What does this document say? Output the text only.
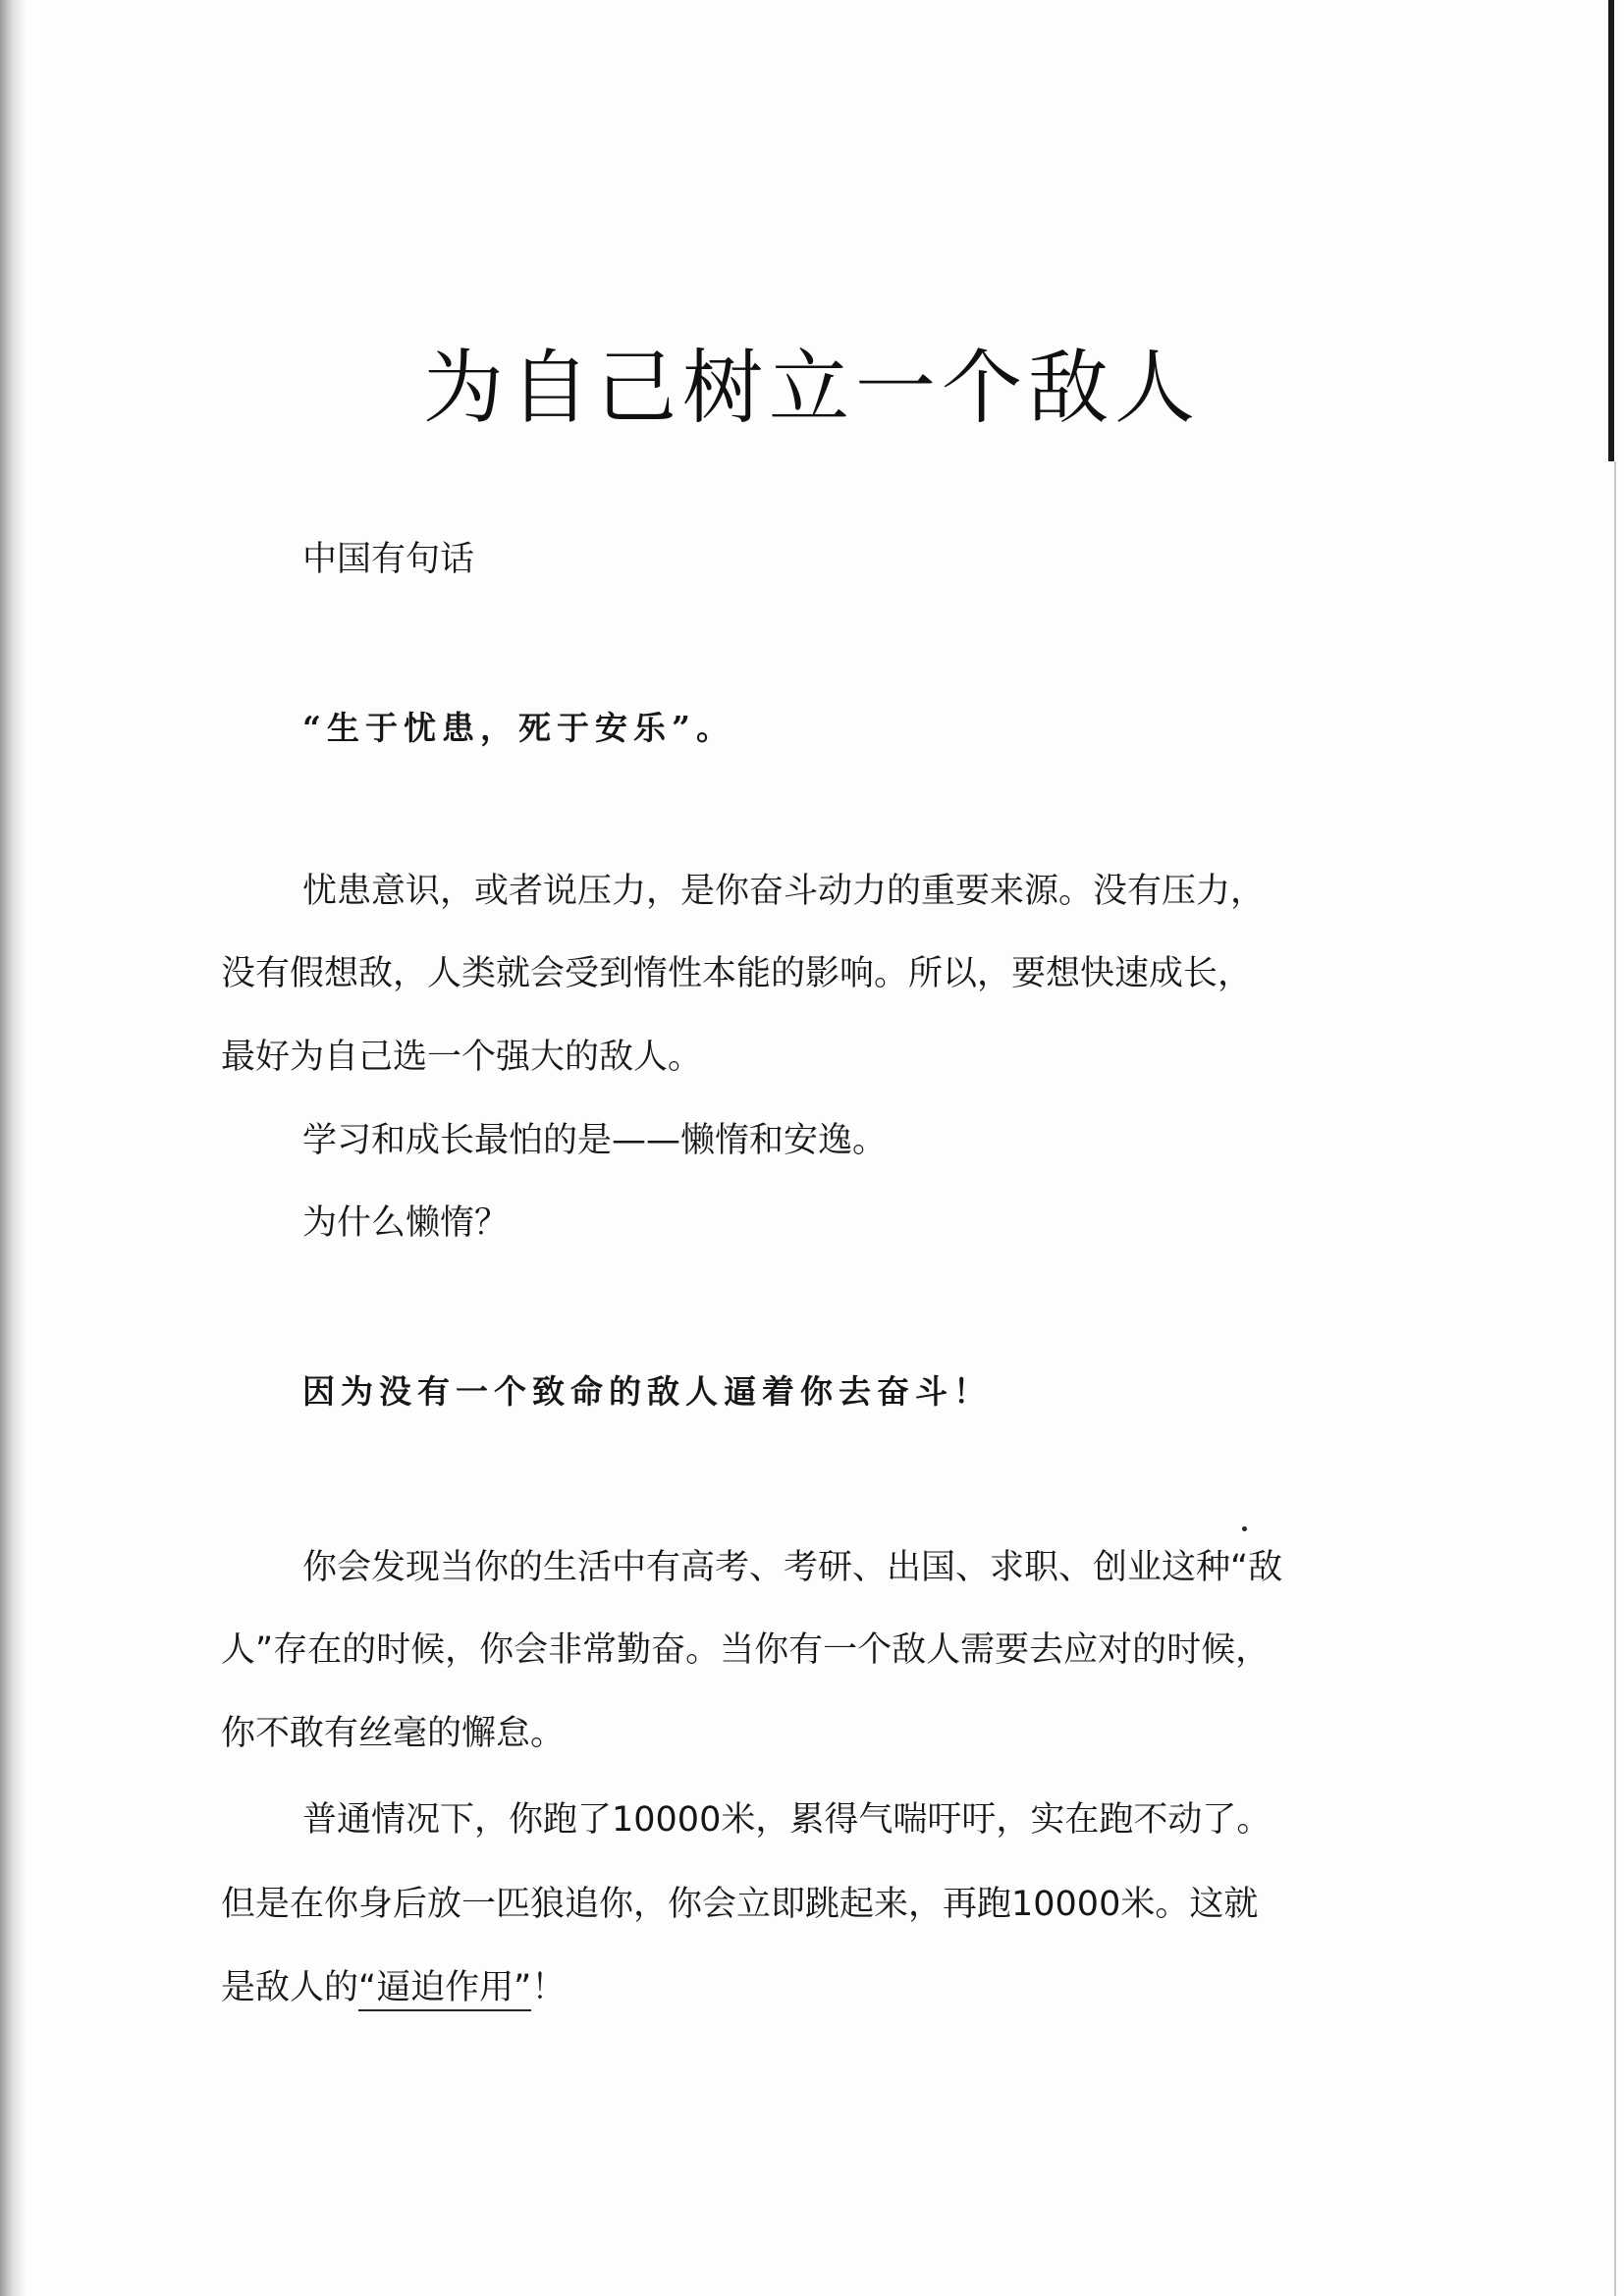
为自己树立一个敌人
中国有句话
“生于忧患，死于安乐”。
忧患意识，或者说压力，是你奋斗动力的重要来源。没有压力，
没有假想敌，人类就会受到惰性本能的影响。所以，要想快速成长，
最好为自己选一个强大的敌人。
学习和成长最怕的是——懒惰和安逸。
为什么懒惰？
因为没有一个致命的敌人逼着你去奋斗！
你会发现当你的生活中有高考、考研、出国、求职、创业这种“敌
人”存在的时候，你会非常勤奋。当你有一个敌人需要去应对的时候，
你不敢有丝毫的懈怠。
普通情况下，你跑了10000米，累得气喘吁吁，实在跑不动了。
但是在你身后放一匹狼追你，你会立即跳起来，再跑10000米。这就
是敌人的“逼迫作用”！
